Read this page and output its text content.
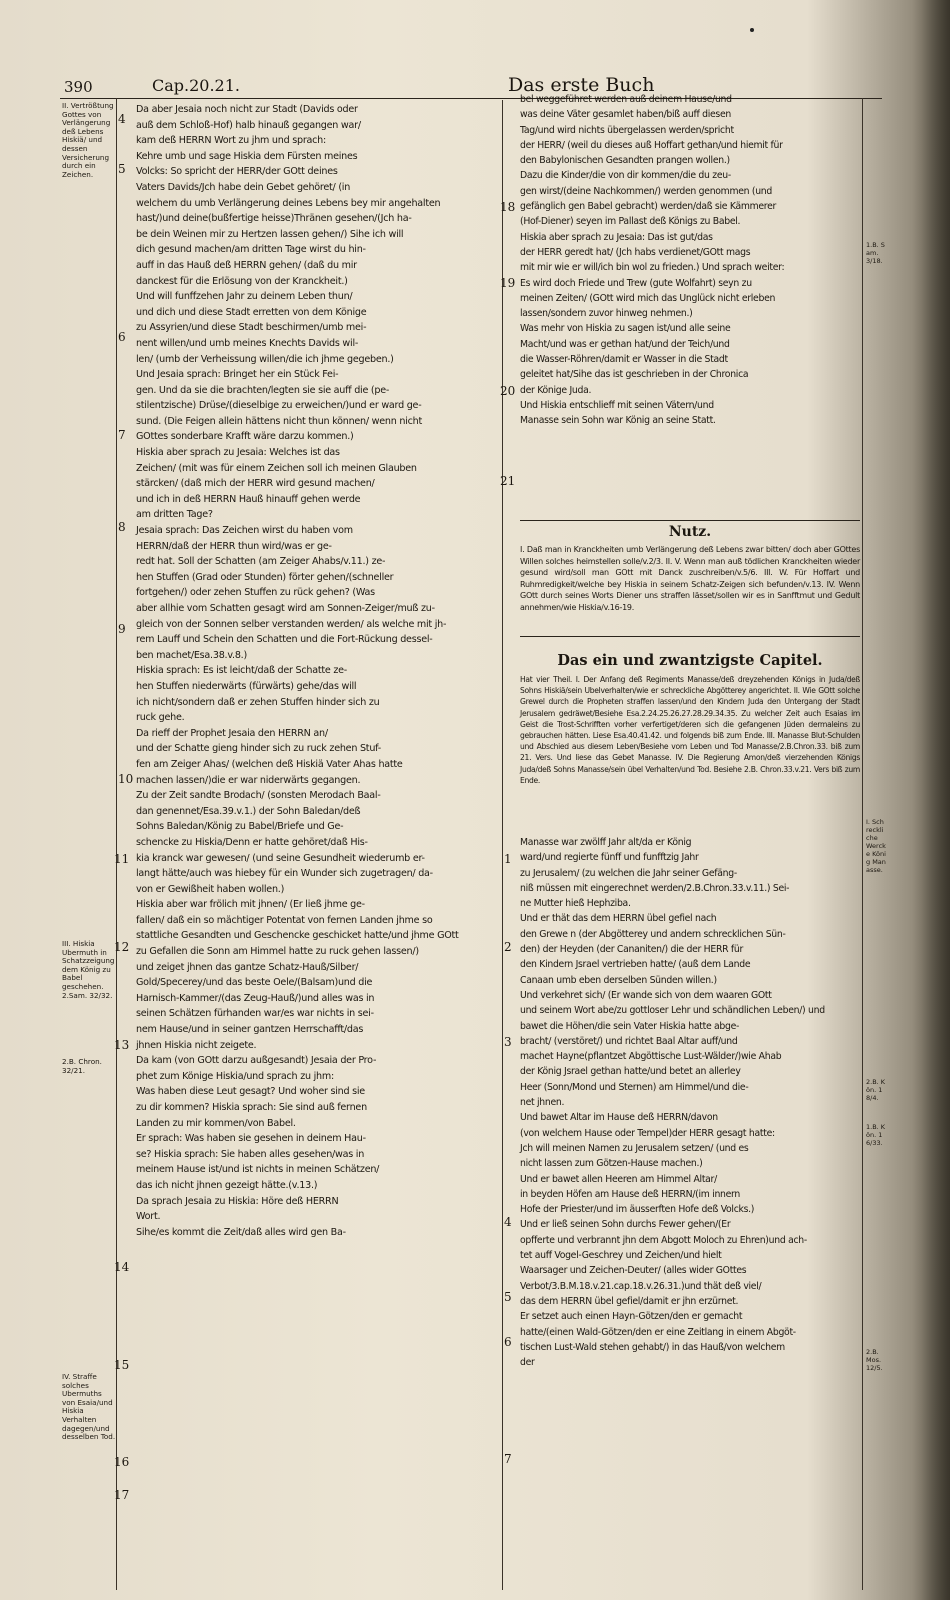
390	Cap.20.21.	Das erste Buch
II. Vertrößtung Gottes von Verlängerung deß Lebens Hiskiä/ und dessen Versicherung durch ein Zeichen.
III. Hiskia Ubermuth in Schatzzeigung dem König zu Babel geschehen. 2.Sam. 32/32.
2.B. Chron. 32/21.
IV. Straffe solches Ubermuths von Esaia/und Hiskia Verhalten dagegen/und desselben Tod.
1.B. Sam. 3/18.
I. Schreckliche Wercke König Manasse.
2.B. Kön. 18/4.
1.B. Kön. 16/33.
2.B. Mos. 12/5.
4
5
6
7
8
9
10
11
12
13
14
15
16
17

Da aber Jesaia noch nicht zur Stadt (Davids oder

auß dem Schloß-Hof) halb hinauß gegangen war/

kam deß HERRN Wort zu jhm und sprach:

Kehre umb und sage Hiskia dem Fürsten meines

Volcks: So spricht der HERR/der GOtt deines

Vaters Davids/Jch habe dein Gebet gehöret/ (in

welchem du umb Verlängerung deines Lebens bey mir angehalten

hast/)und deine(bußfertige heisse)Thränen gesehen/(Jch ha-

be dein Weinen mir zu Hertzen lassen gehen/) Sihe ich will

dich gesund machen/am dritten Tage wirst du hin-

auff in das Hauß deß HERRN gehen/ (daß du mir

danckest für die Erlösung von der Kranckheit.)

Und will funffzehen Jahr zu deinem Leben thun/

und dich und diese Stadt erretten von dem Könige

zu Assyrien/und diese Stadt beschirmen/umb mei-

nent willen/und umb meines Knechts Davids wil-

len/ (umb der Verheissung willen/die ich jhme gegeben.)

Und Jesaia sprach: Bringet her ein Stück Fei-

gen. Und da sie die brachten/legten sie sie auff die (pe-

stilentzische) Drüse/(dieselbige zu erweichen/)und er ward ge-

sund. (Die Feigen allein hättens nicht thun können/ wenn nicht

GOttes sonderbare Krafft wäre darzu kommen.)

Hiskia aber sprach zu Jesaia: Welches ist das

Zeichen/ (mit was für einem Zeichen soll ich meinen Glauben

stärcken/ (daß mich der HERR wird gesund machen/

und ich in deß HERRN Hauß hinauff gehen werde

am dritten Tage?

Jesaia sprach: Das Zeichen wirst du haben vom

HERRN/daß der HERR thun wird/was er ge-

redt hat. Soll der Schatten (am Zeiger Ahabs/v.11.) ze-

hen Stuffen (Grad oder Stunden) förter gehen/(schneller

fortgehen/) oder zehen Stuffen zu rück gehen? (Was

aber allhie vom Schatten gesagt wird am Sonnen-Zeiger/muß zu-

gleich von der Sonnen selber verstanden werden/ als welche mit jh-

rem Lauff und Schein den Schatten und die Fort-Rückung dessel-

ben machet/Esa.38.v.8.)

Hiskia sprach: Es ist leicht/daß der Schatte ze-

hen Stuffen niederwärts (fürwärts) gehe/das will

ich nicht/sondern daß er zehen Stuffen hinder sich zu

ruck gehe.

Da rieff der Prophet Jesaia den HERRN an/

und der Schatte gieng hinder sich zu ruck zehen Stuf-

fen am Zeiger Ahas/ (welchen deß Hiskiä Vater Ahas hatte

machen lassen/)die er war niderwärts gegangen.

Zu der Zeit sandte Brodach/ (sonsten Merodach Baal-

dan genennet/Esa.39.v.1.) der Sohn Baledan/deß

Sohns Baledan/König zu Babel/Briefe und Ge-

schencke zu Hiskia/Denn er hatte gehöret/daß His-

kia kranck war gewesen/ (und seine Gesundheit wiederumb er-

langt hätte/auch was hiebey für ein Wunder sich zugetragen/ da-

von er Gewißheit haben wollen.)

Hiskia aber war frölich mit jhnen/ (Er ließ jhme ge-

fallen/ daß ein so mächtiger Potentat von fernen Landen jhme so

stattliche Gesandten und Geschencke geschicket hatte/und jhme GOtt

zu Gefallen die Sonn am Himmel hatte zu ruck gehen lassen/)

und zeiget jhnen das gantze Schatz-Hauß/Silber/

Gold/Specerey/und das beste Oele/(Balsam)und die

Harnisch-Kammer/(das Zeug-Hauß/)und alles was in

seinen Schätzen fürhanden war/es war nichts in sei-

nem Hause/und in seiner gantzen Herrschafft/das

jhnen Hiskia nicht zeigete.

Da kam (von GOtt darzu außgesandt) Jesaia der Pro-

phet zum Könige Hiskia/und sprach zu jhm:

Was haben diese Leut gesagt? Und woher sind sie

zu dir kommen? Hiskia sprach: Sie sind auß fernen

Landen zu mir kommen/von Babel.

Er sprach: Was haben sie gesehen in deinem Hau-

se? Hiskia sprach: Sie haben alles gesehen/was in

meinem Hause ist/und ist nichts in meinen Schätzen/

das ich nicht jhnen gezeigt hätte.(v.13.)

Da sprach Jesaia zu Hiskia: Höre deß HERRN

Wort.

Sihe/es kommt die Zeit/daß alles wird gen Ba-

18
19
20
21
1
2
3
4
5
6
7

bel weggeführet werden auß deinem Hause/und

was deine Väter gesamlet haben/biß auff diesen

Tag/und wird nichts übergelassen werden/spricht

der HERR/ (weil du dieses auß Hoffart gethan/und hiemit für

den Babylonischen Gesandten prangen wollen.)

Dazu die Kinder/die von dir kommen/die du zeu-

gen wirst/(deine Nachkommen/) werden genommen (und

gefänglich gen Babel gebracht) werden/daß sie Kämmerer

(Hof-Diener) seyen im Pallast deß Königs zu Babel.

Hiskia aber sprach zu Jesaia: Das ist gut/das

der HERR geredt hat/ (Jch habs verdienet/GOtt mags

mit mir wie er will/ich bin wol zu frieden.) Und sprach weiter:

Es wird doch Friede und Trew (gute Wolfahrt) seyn zu

meinen Zeiten/ (GOtt wird mich das Unglück nicht erleben

lassen/sondern zuvor hinweg nehmen.)

Was mehr von Hiskia zu sagen ist/und alle seine

Macht/und was er gethan hat/und der Teich/und

die Wasser-Röhren/damit er Wasser in die Stadt

geleitet hat/Sihe das ist geschrieben in der Chronica

der Könige Juda.

Und Hiskia entschlieff mit seinen Vätern/und

Manasse sein Sohn war König an seine Statt.

Nutz.
I. Daß man in Kranckheiten umb Verlängerung deß Lebens zwar bitten/ doch aber GOttes Willen solches heimstellen solle/v.2/3. II. V. Wenn man auß tödlichen Kranckheiten wieder gesund wird/soll man GOtt mit Danck zuschreiben/v.5/6. III. W. Für Hoffart und Ruhmredigkeit/welche bey Hiskia in seinem Schatz-Zeigen sich befunden/v.13. IV. Wenn GOtt durch seines Worts Diener uns straffen lässet/sollen wir es in Sanfftmut und Gedult annehmen/wie Hiskia/v.16-19.
Das ein und zwantzigste Capitel.
Hat vier Theil. I. Der Anfang deß Regiments Manasse/deß dreyzehenden Königs in Juda/deß Sohns Hiskiä/sein Ubelverhalten/wie er schreckliche Abgötterey angerichtet. II. Wie GOtt solche Grewel durch die Propheten straffen lassen/und den Kindern Juda den Untergang der Stadt Jerusalem gedräwet/Besiehe Esa.2.24.25.26.27.28.29.34.35. Zu welcher Zeit auch Esaias im Geist die Trost-Schrifften vorher verfertiget/deren sich die gefangenen Jüden dermaleins zu gebrauchen hätten. Liese Esa.40.41.42. und folgends biß zum Ende. III. Manasse Blut-Schulden und Abschied aus diesem Leben/Besiehe vom Leben und Tod Manasse/2.B.Chron.33. biß zum 21. Vers. Und liese das Gebet Manasse. IV. Die Regierung Amon/deß vierzehenden Königs Juda/deß Sohns Manasse/sein übel Verhalten/und Tod. Besiehe 2.B. Chron.33.v.21. Vers biß zum Ende.

Manasse war zwölff Jahr alt/da er König

ward/und regierte fünff und funfftzig Jahr

zu Jerusalem/ (zu welchen die Jahr seiner Gefäng-

niß müssen mit eingerechnet werden/2.B.Chron.33.v.11.) Sei-

ne Mutter hieß Hephziba.

Und er thät das dem HERRN übel gefiel nach

den Grewe n (der Abgötterey und andern schrecklichen Sün-

den) der Heyden (der Cananiten/) die der HERR für

den Kindern Jsrael vertrieben hatte/ (auß dem Lande

Canaan umb eben derselben Sünden willen.)

Und verkehret sich/ (Er wande sich von dem waaren GOtt

und seinem Wort abe/zu gottloser Lehr und schändlichen Leben/) und

bawet die Höhen/die sein Vater Hiskia hatte abge-

bracht/ (verstöret/) und richtet Baal Altar auff/und

machet Hayne(pflantzet Abgöttische Lust-Wälder/)wie Ahab

der König Jsrael gethan hatte/und betet an allerley

Heer (Sonn/Mond und Sternen) am Himmel/und die-

net jhnen.

Und bawet Altar im Hause deß HERRN/davon

(von welchem Hause oder Tempel)der HERR gesagt hatte:

Jch will meinen Namen zu Jerusalem setzen/ (und es

nicht lassen zum Götzen-Hause machen.)

Und er bawet allen Heeren am Himmel Altar/

in beyden Höfen am Hause deß HERRN/(im innern

Hofe der Priester/und im äusserften Hofe deß Volcks.)

Und er ließ seinen Sohn durchs Fewer gehen/(Er

opfferte und verbrannt jhn dem Abgott Moloch zu Ehren)und ach-

tet auff Vogel-Geschrey und Zeichen/und hielt

Waarsager und Zeichen-Deuter/ (alles wider GOttes

Verbot/3.B.M.18.v.21.cap.18.v.26.31.)und thät deß viel/

das dem HERRN übel gefiel/damit er jhn erzürnet.

Er setzet auch einen Hayn-Götzen/den er gemacht

hatte/(einen Wald-Götzen/den er eine Zeitlang in einem Abgöt-

tischen Lust-Wald stehen gehabt/) in das Hauß/von welchem

der
